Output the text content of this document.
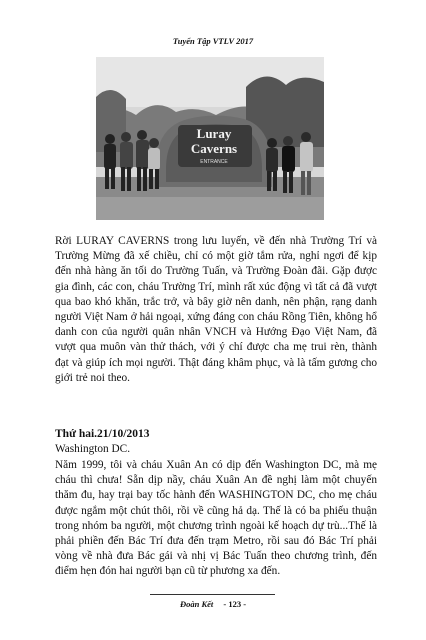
Tuyển Tập VTLV 2017
Luray
Caverns
ENTRANCE

Rời LURAY CAVERNS trong lưu luyến, về đến nhà Trường Trí và Trường Mừng đã xế chiều, chỉ có một giờ tắm rửa, nghỉ ngơi để kịp đến nhà hàng ăn tối do Trường Tuấn, và Trường Đoàn đãi. Gặp được gia đình, các con, cháu Trường Trí, mình rất xúc động vì tất cả đã vượt qua bao khó khăn, trắc trở, và bây giờ nên danh, nên phận, rạng danh người Việt Nam ở hải ngoại, xứng đáng con cháu Rồng Tiên, không hổ danh con của người quân nhân VNCH và Hướng Đạo Việt Nam, đã vượt qua muôn vàn thử thách, với ý chí được cha mẹ trui rèn, thành đạt và giúp ích mọi người. Thật đáng khâm phục, và là tấm gương cho giới trẻ noi theo.

Thứ hai.21/10/2013
Washington DC.

Năm 1999, tôi và cháu Xuân An có dịp đến Washington DC, mà mẹ cháu thì chưa! Sẵn dịp nầy, cháu Xuân An đề nghị làm một chuyến thăm đu, hay trại bay tốc hành đến WASHINGTON DC, cho mẹ cháu được ngắm một chút thôi, rồi về cũng hả dạ. Thế là có ba phiếu thuận trong nhóm ba người, một chương trình ngoài kế hoạch dự trù...Thế là phải phiền đến Bác Trí đưa đến trạm Metro, rồi sau đó Bác Trí phải vòng về nhà đưa Bác gái và nhị vị Bác Tuấn theo chương trình, đến điểm hẹn đón hai người bạn cũ từ phương xa đến.

Đoàn Kết - 123 -
